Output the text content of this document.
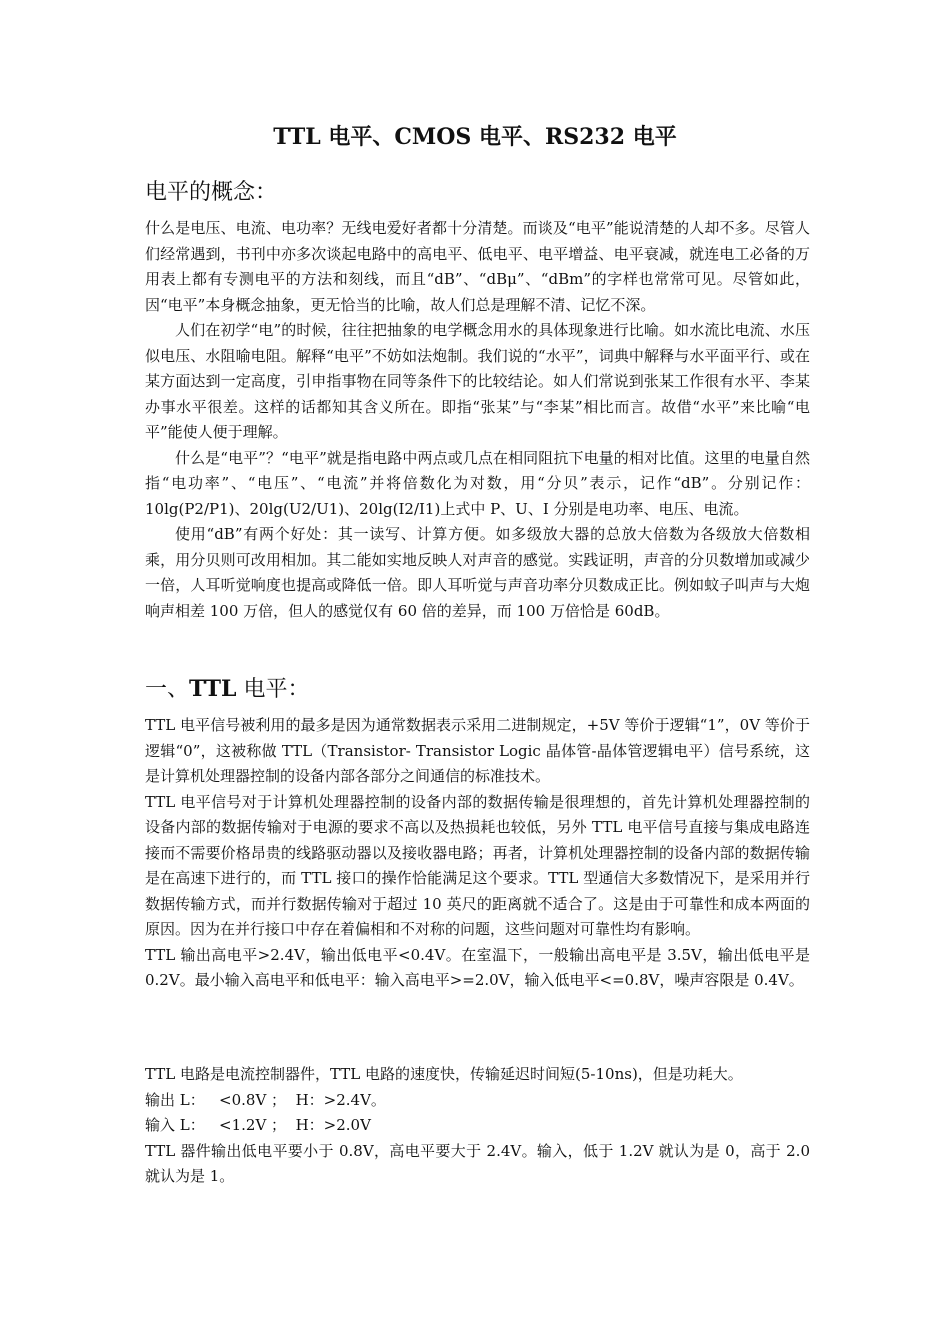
TTL 电平、CMOS 电平、RS232 电平
电平的概念：

什么是电压、电流、电功率？无线电爱好者都十分清楚。而谈及“电平”能说清楚的人却不多。尽管人们经常遇到，书刊中亦多次谈起电路中的高电平、低电平、电平增益、电平衰减，就连电工必备的万用表上都有专测电平的方法和刻线，而且“dB”、“dBμ”、“dBm”的字样也常常可见。尽管如此，因“电平”本身概念抽象，更无恰当的比喻，故人们总是理解不清、记忆不深。

人们在初学“电”的时候，往往把抽象的电学概念用水的具体现象进行比喻。如水流比电流、水压似电压、水阻喻电阻。解释“电平”不妨如法炮制。我们说的“水平”，词典中解释与水平面平行、或在某方面达到一定高度，引申指事物在同等条件下的比较结论。如人们常说到张某工作很有水平、李某办事水平很差。这样的话都知其含义所在。即指“张某”与“李某”相比而言。故借“水平”来比喻“电平”能使人便于理解。

什么是“电平”？“电平”就是指电路中两点或几点在相同阻抗下电量的相对比值。这里的电量自然指“电功率”、“电压”、“电流”并将倍数化为对数，用“分贝”表示，记作“dB”。分别记作：10lg(P2/P1)、20lg(U2/U1)、20lg(I2/I1)上式中 P、U、I 分别是电功率、电压、电流。

使用“dB”有两个好处：其一读写、计算方便。如多级放大器的总放大倍数为各级放大倍数相乘，用分贝则可改用相加。其二能如实地反映人对声音的感觉。实践证明，声音的分贝数增加或减少一倍，人耳听觉响度也提高或降低一倍。即人耳听觉与声音功率分贝数成正比。例如蚊子叫声与大炮响声相差 100 万倍，但人的感觉仅有 60 倍的差异，而 100 万倍恰是 60dB。

一、TTL 电平：

TTL 电平信号被利用的最多是因为通常数据表示采用二进制规定，+5V 等价于逻辑“1”，0V 等价于逻辑“0”，这被称做 TTL（Transistor- Transistor Logic 晶体管-晶体管逻辑电平）信号系统，这是计算机处理器控制的设备内部各部分之间通信的标准技术。

TTL 电平信号对于计算机处理器控制的设备内部的数据传输是很理想的，首先计算机处理器控制的设备内部的数据传输对于电源的要求不高以及热损耗也较低，另外 TTL 电平信号直接与集成电路连接而不需要价格昂贵的线路驱动器以及接收器电路；再者，计算机处理器控制的设备内部的数据传输是在高速下进行的，而 TTL 接口的操作恰能满足这个要求。TTL 型通信大多数情况下，是采用并行数据传输方式，而并行数据传输对于超过 10 英尺的距离就不适合了。这是由于可靠性和成本两面的原因。因为在并行接口中存在着偏相和不对称的问题，这些问题对可靠性均有影响。

TTL 输出高电平>2.4V，输出低电平<0.4V。在室温下，一般输出高电平是 3.5V，输出低电平是 0.2V。最小输入高电平和低电平：输入高电平>=2.0V，输入低电平<=0.8V，噪声容限是 0.4V。

TTL 电路是电流控制器件，TTL 电路的速度快，传输延迟时间短(5-10ns)，但是功耗大。

输出 L：   <0.8V ；  H：>2.4V。

输入 L：   <1.2V ；  H：>2.0V

TTL 器件输出低电平要小于 0.8V，高电平要大于 2.4V。输入，低于 1.2V 就认为是 0，高于 2.0 就认为是 1。
